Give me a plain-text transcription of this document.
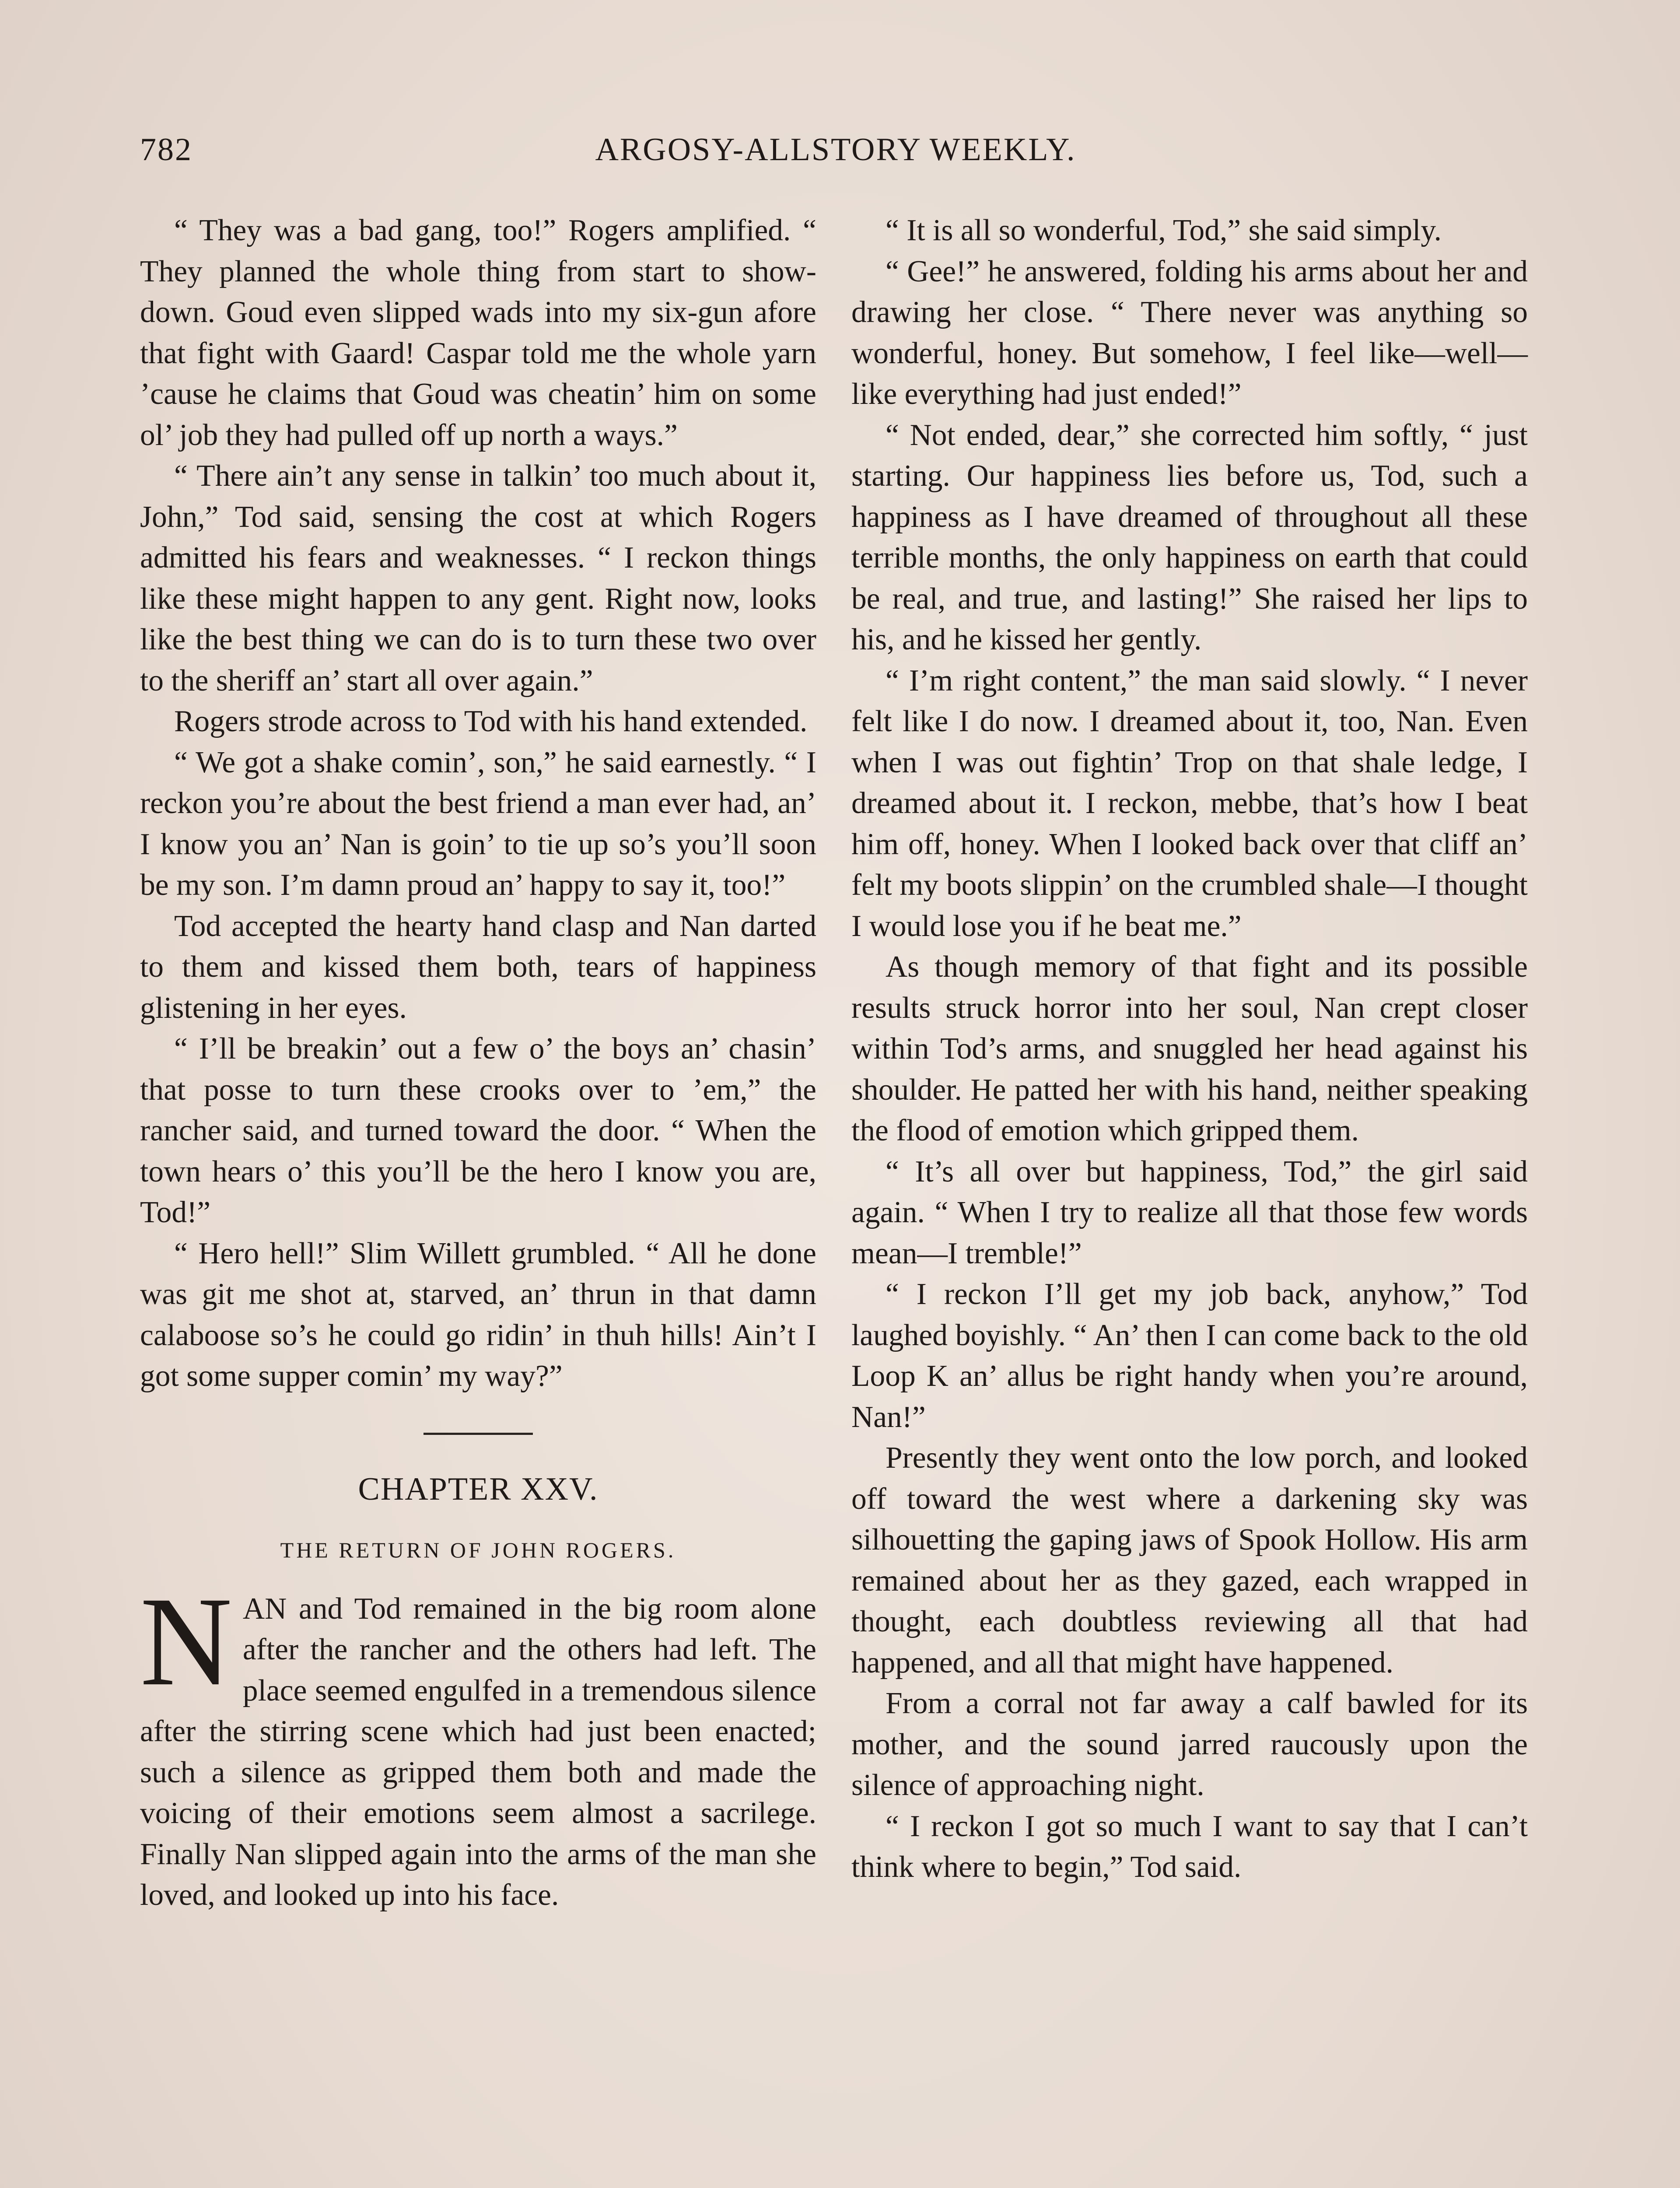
782	ARGOSY-ALLSTORY WEEKLY.

“ They was a bad gang, too!” Rogers amplified. “ They planned the whole thing from start to show-down. Goud even slipped wads into my six-gun afore that fight with Gaard! Caspar told me the whole yarn ’cause he claims that Goud was cheatin’ him on some ol’ job they had pulled off up north a ways.”

“ There ain’t any sense in talkin’ too much about it, John,” Tod said, sensing the cost at which Rogers admitted his fears and weaknesses. “ I reckon things like these might happen to any gent. Right now, looks like the best thing we can do is to turn these two over to the sheriff an’ start all over again.”

Rogers strode across to Tod with his hand extended.

“ We got a shake comin’, son,” he said earnestly. “ I reckon you’re about the best friend a man ever had, an’ I know you an’ Nan is goin’ to tie up so’s you’ll soon be my son. I’m damn proud an’ happy to say it, too!”

Tod accepted the hearty hand clasp and Nan darted to them and kissed them both, tears of happiness glistening in her eyes.

“ I’ll be breakin’ out a few o’ the boys an’ chasin’ that posse to turn these crooks over to ’em,” the rancher said, and turned toward the door. “ When the town hears o’ this you’ll be the hero I know you are, Tod!”

“ Hero hell!” Slim Willett grumbled. “ All he done was git me shot at, starved, an’ thrun in that damn calaboose so’s he could go ridin’ in thuh hills! Ain’t I got some supper comin’ my way?”

CHAPTER XXV.
THE RETURN OF JOHN ROGERS.

NAN and Tod remained in the big room alone after the rancher and the others had left. The place seemed engulfed in a tremendous silence after the stirring scene which had just been enacted; such a silence as gripped them both and made the voicing of their emotions seem almost a sacrilege. Finally Nan slipped again into the arms of the man she loved, and looked up into his face.

“ It is all so wonderful, Tod,” she said simply.

“ Gee!” he answered, folding his arms about her and drawing her close. “ There never was anything so wonderful, honey. But somehow, I feel like—well—like everything had just ended!”

“ Not ended, dear,” she corrected him softly, “ just starting. Our happiness lies before us, Tod, such a happiness as I have dreamed of throughout all these terrible months, the only happiness on earth that could be real, and true, and lasting!” She raised her lips to his, and he kissed her gently.

“ I’m right content,” the man said slowly. “ I never felt like I do now. I dreamed about it, too, Nan. Even when I was out fightin’ Trop on that shale ledge, I dreamed about it. I reckon, mebbe, that’s how I beat him off, honey. When I looked back over that cliff an’ felt my boots slippin’ on the crumbled shale—I thought I would lose you if he beat me.”

As though memory of that fight and its possible results struck horror into her soul, Nan crept closer within Tod’s arms, and snuggled her head against his shoulder. He patted her with his hand, neither speaking the flood of emotion which gripped them.

“ It’s all over but happiness, Tod,” the girl said again. “ When I try to realize all that those few words mean—I tremble!”

“ I reckon I’ll get my job back, anyhow,” Tod laughed boyishly. “ An’ then I can come back to the old Loop K an’ allus be right handy when you’re around, Nan!”

Presently they went onto the low porch, and looked off toward the west where a darkening sky was silhouetting the gaping jaws of Spook Hollow. His arm remained about her as they gazed, each wrapped in thought, each doubtless reviewing all that had happened, and all that might have happened.

From a corral not far away a calf bawled for its mother, and the sound jarred raucously upon the silence of approaching night.

“ I reckon I got so much I want to say that I can’t think where to begin,” Tod said.
